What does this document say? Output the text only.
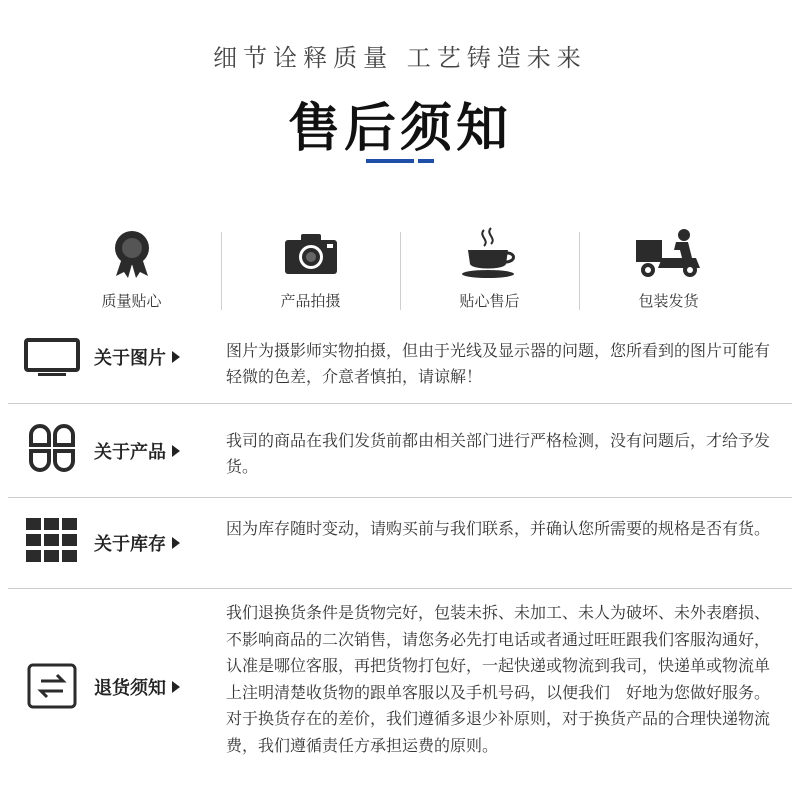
细节诠释质量 工艺铸造未来
售后须知
质量贴心	产品拍摄	贴心售后	包装发货
关于图片	图片为摄影师实物拍摄，但由于光线及显示器的问题，您所看到的图片可能有轻微的色差，介意者慎拍，请谅解！
关于产品
我司的商品在我们发货前都由相关部门进行严格检测，没有问题后，才给予发货。
关于库存
因为库存随时变动，请购买前与我们联系，并确认您所需要的规格是否有货。
退货须知
我们退换货条件是货物完好，包装未拆、未加工、未人为破坏、未外表磨损、不影响商品的二次销售，请您务必先打电话或者通过旺旺跟我们客服沟通好，认准是哪位客服，再把货物打包好，一起快递或物流到我司，快递单或物流单上注明清楚收货物的跟单客服以及手机号码，以便我们　好地为您做好服务。对于换货存在的差价，我们遵循多退少补原则，对于换货产品的合理快递物流费，我们遵循责任方承担运费的原则。
